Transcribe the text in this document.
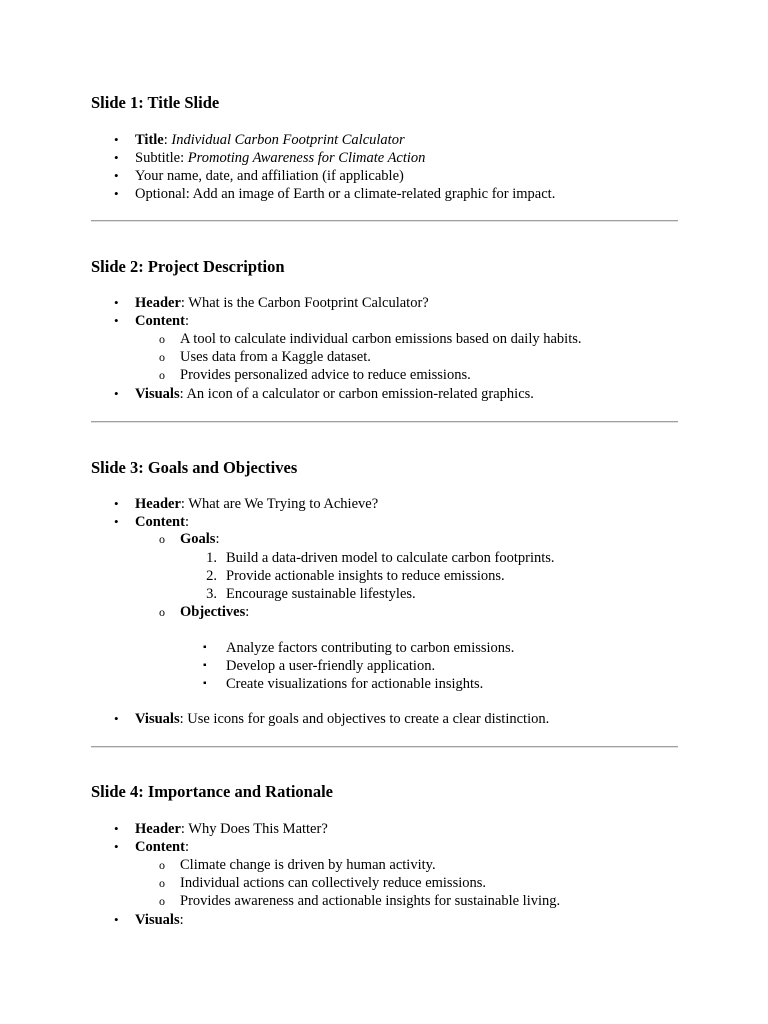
Slide 1: Title Slide
• Title: Individual Carbon Footprint Calculator
• Subtitle: Promoting Awareness for Climate Action
• Your name, date, and affiliation (if applicable)
• Optional: Add an image of Earth or a climate-related graphic for impact.
Slide 2: Project Description
• Header: What is the Carbon Footprint Calculator?
• Content:
o A tool to calculate individual carbon emissions based on daily habits.
o Uses data from a Kaggle dataset.
o Provides personalized advice to reduce emissions.
• Visuals: An icon of a calculator or carbon emission-related graphics.
Slide 3: Goals and Objectives
• Header: What are We Trying to Achieve?
• Content:
o Goals:
1. Build a data-driven model to calculate carbon footprints.
2. Provide actionable insights to reduce emissions.
3. Encourage sustainable lifestyles.
o Objectives:
▪ Analyze factors contributing to carbon emissions.
▪ Develop a user-friendly application.
▪ Create visualizations for actionable insights.
• Visuals: Use icons for goals and objectives to create a clear distinction.
Slide 4: Importance and Rationale
• Header: Why Does This Matter?
• Content:
o Climate change is driven by human activity.
o Individual actions can collectively reduce emissions.
o Provides awareness and actionable insights for sustainable living.
• Visuals:
